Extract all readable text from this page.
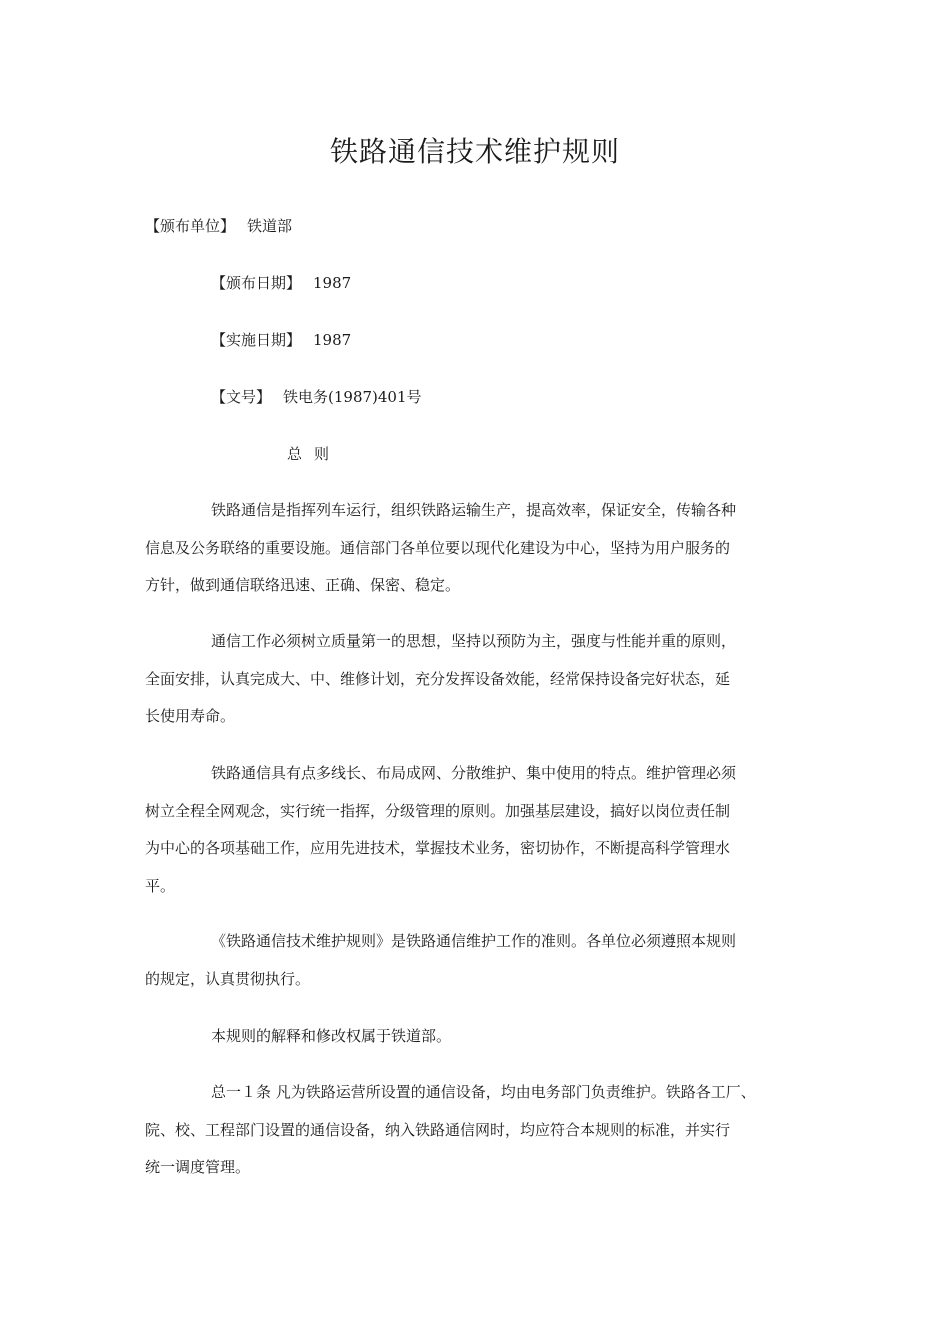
铁路通信技术维护规则
【颁布单位】 铁道部
【颁布日期】 1987
【实施日期】 1987
【文号】 铁电务(1987)401号
总 则
铁路通信是指挥列车运行，组织铁路运输生产，提高效率，保证安全，传输各种
信息及公务联络的重要设施。通信部门各单位要以现代化建设为中心，坚持为用户服务的
方针，做到通信联络迅速、正确、保密、稳定。
通信工作必须树立质量第一的思想，坚持以预防为主，强度与性能并重的原则，
全面安排，认真完成大、中、维修计划，充分发挥设备效能，经常保持设备完好状态，延
长使用寿命。
铁路通信具有点多线长、布局成网、分散维护、集中使用的特点。维护管理必须
树立全程全网观念，实行统一指挥，分级管理的原则。加强基层建设，搞好以岗位责任制
为中心的各项基础工作，应用先进技术，掌握技术业务，密切协作，不断提高科学管理水
平。
《铁路通信技术维护规则》是铁路通信维护工作的准则。各单位必须遵照本规则
的规定，认真贯彻执行。
本规则的解释和修改权属于铁道部。
总一１条 凡为铁路运营所设置的通信设备，均由电务部门负责维护。铁路各工厂、
院、校、工程部门设置的通信设备，纳入铁路通信网时，均应符合本规则的标准，并实行
统一调度管理。
